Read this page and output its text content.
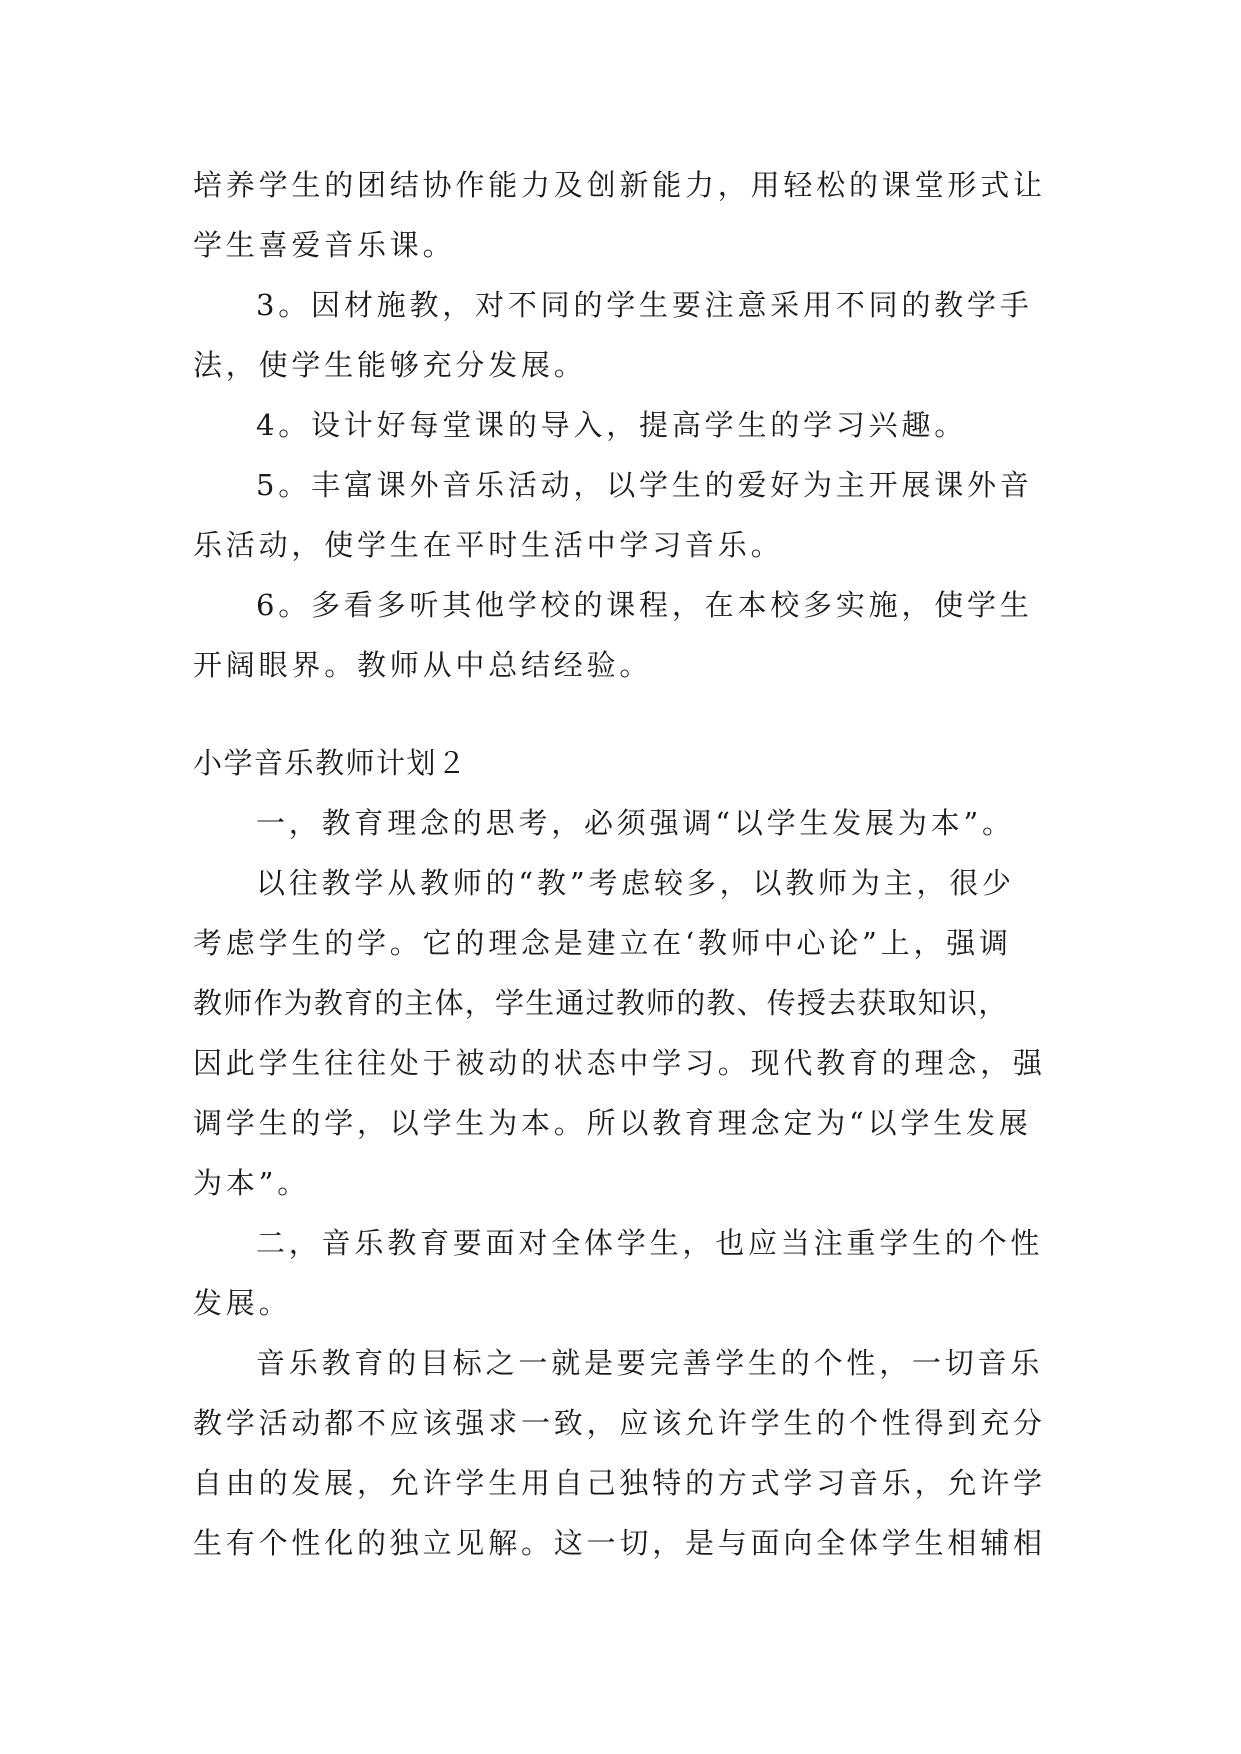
培养学生的团结协作能力及创新能力，用轻松的课堂形式让
学生喜爱音乐课。
3。因材施教，对不同的学生要注意采用不同的教学手
法，使学生能够充分发展。
4。设计好每堂课的导入，提高学生的学习兴趣。
5。丰富课外音乐活动，以学生的爱好为主开展课外音
乐活动，使学生在平时生活中学习音乐。
6。多看多听其他学校的课程，在本校多实施，使学生
开阔眼界。教师从中总结经验。
小学音乐教师计划２
一，教育理念的思考，必须强调“以学生发展为本”。
以往教学从教师的“教”考虑较多，以教师为主，很少
考虑学生的学。它的理念是建立在‘教师中心论”上，强调
教师作为教育的主体，学生通过教师的教、传授去获取知识，
因此学生往往处于被动的状态中学习。现代教育的理念，强
调学生的学，以学生为本。所以教育理念定为“以学生发展
为本”。
二，音乐教育要面对全体学生，也应当注重学生的个性
发展。
音乐教育的目标之一就是要完善学生的个性，一切音乐
教学活动都不应该强求一致，应该允许学生的个性得到充分
自由的发展，允许学生用自己独特的方式学习音乐，允许学
生有个性化的独立见解。这一切，是与面向全体学生相辅相
